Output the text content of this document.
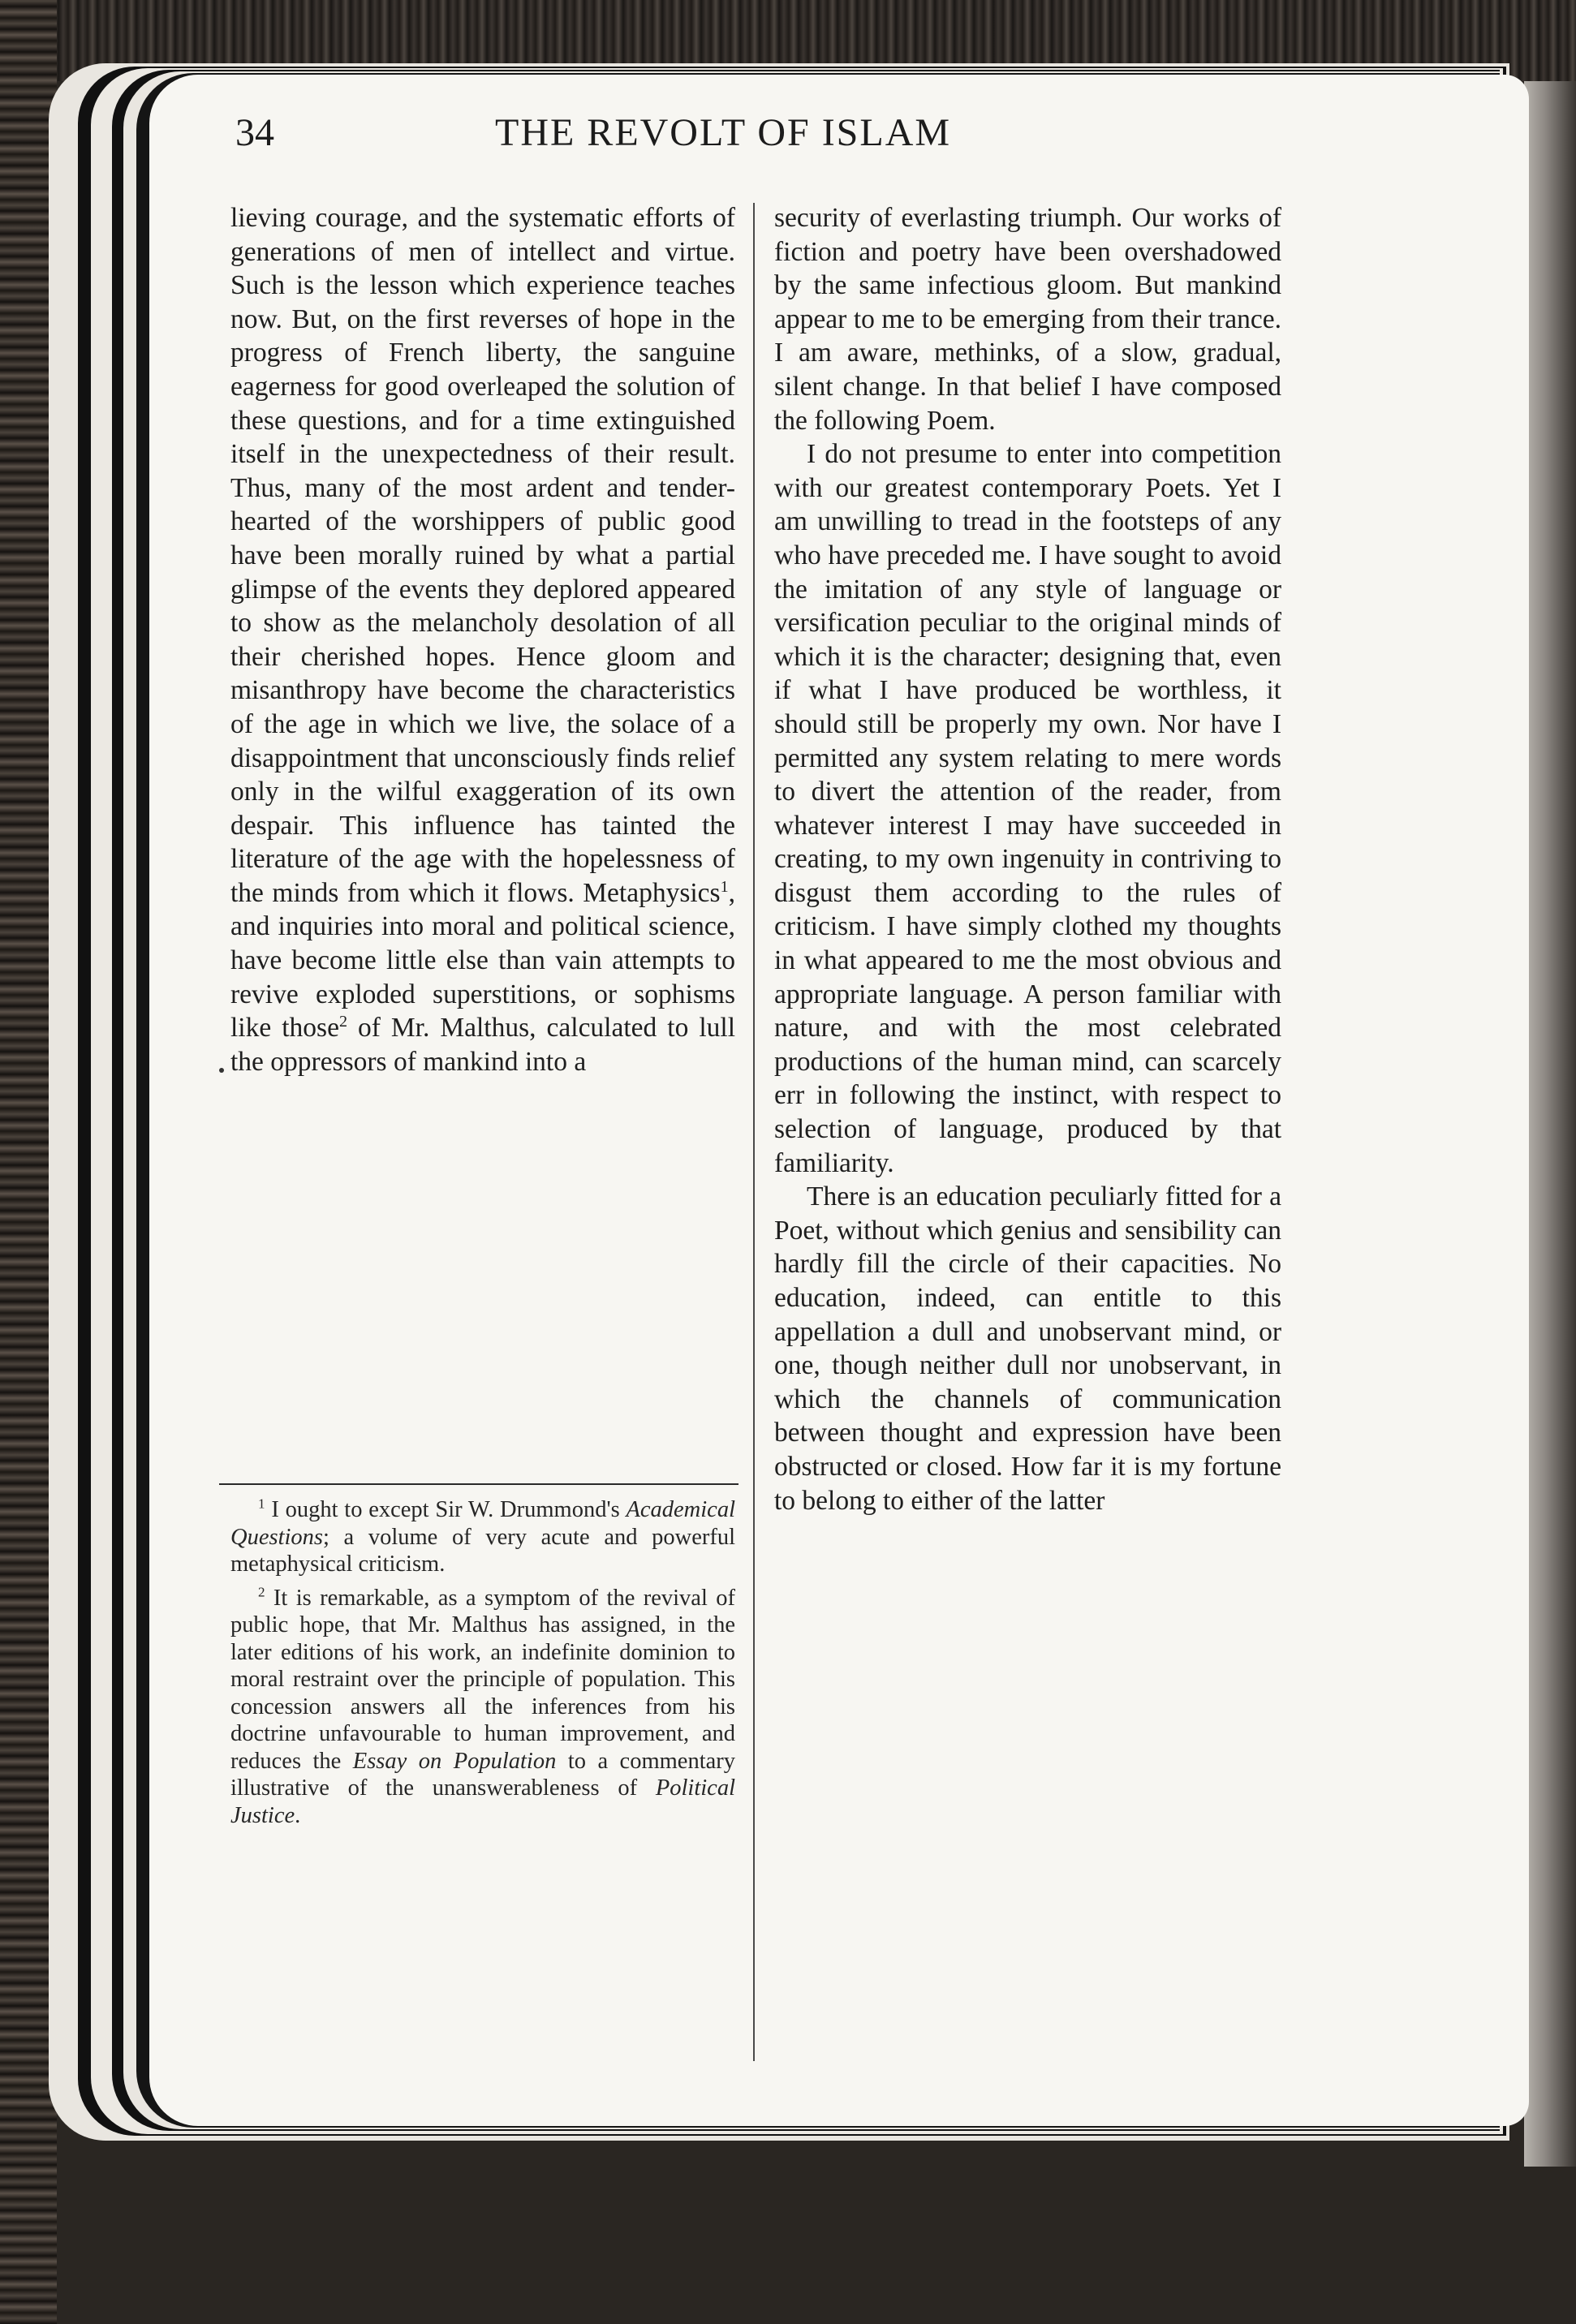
34	THE REVOLT OF ISLAM

lieving courage, and the systematic efforts of generations of men of intellect and virtue. Such is the lesson which experience teaches now. But, on the first reverses of hope in the progress of French liberty, the sanguine eagerness for good overleaped the solution of these questions, and for a time extinguished itself in the unexpectedness of their result. Thus, many of the most ardent and tender-hearted of the worshippers of public good have been morally ruined by what a partial glimpse of the events they deplored appeared to show as the melancholy desolation of all their cherished hopes. Hence gloom and misanthropy have become the characteristics of the age in which we live, the solace of a disappointment that unconsciously finds relief only in the wilful exaggeration of its own despair. This influence has tainted the literature of the age with the hopelessness of the minds from which it flows. Metaphysics$^1$, and inquiries into moral and political science, have become little else than vain attempts to revive exploded superstitions, or sophisms like those$^2$ of Mr. Malthus, calculated to lull the oppressors of mankind into a

$^1$ I ought to except Sir W. Drummond's Academical Questions; a volume of very acute and powerful metaphysical criticism.

$^2$ It is remarkable, as a symptom of the revival of public hope, that Mr. Malthus has assigned, in the later editions of his work, an indefinite dominion to moral restraint over the principle of population. This concession answers all the inferences from his doctrine unfavourable to human improvement, and reduces the Essay on Population to a commentary illustrative of the unanswerableness of Political Justice.

security of everlasting triumph. Our works of fiction and poetry have been overshadowed by the same infectious gloom. But mankind appear to me to be emerging from their trance. I am aware, methinks, of a slow, gradual, silent change. In that belief I have composed the following Poem.

I do not presume to enter into competition with our greatest contemporary Poets. Yet I am unwilling to tread in the footsteps of any who have preceded me. I have sought to avoid the imitation of any style of language or versification peculiar to the original minds of which it is the character; designing that, even if what I have produced be worthless, it should still be properly my own. Nor have I permitted any system relating to mere words to divert the attention of the reader, from whatever interest I may have succeeded in creating, to my own ingenuity in contriving to disgust them according to the rules of criticism. I have simply clothed my thoughts in what appeared to me the most obvious and appropriate language. A person familiar with nature, and with the most celebrated productions of the human mind, can scarcely err in following the instinct, with respect to selection of language, produced by that familiarity.

There is an education peculiarly fitted for a Poet, without which genius and sensibility can hardly fill the circle of their capacities. No education, indeed, can entitle to this appellation a dull and unobservant mind, or one, though neither dull nor unobservant, in which the channels of communication between thought and expression have been obstructed or closed. How far it is my fortune to belong to either of the latter
